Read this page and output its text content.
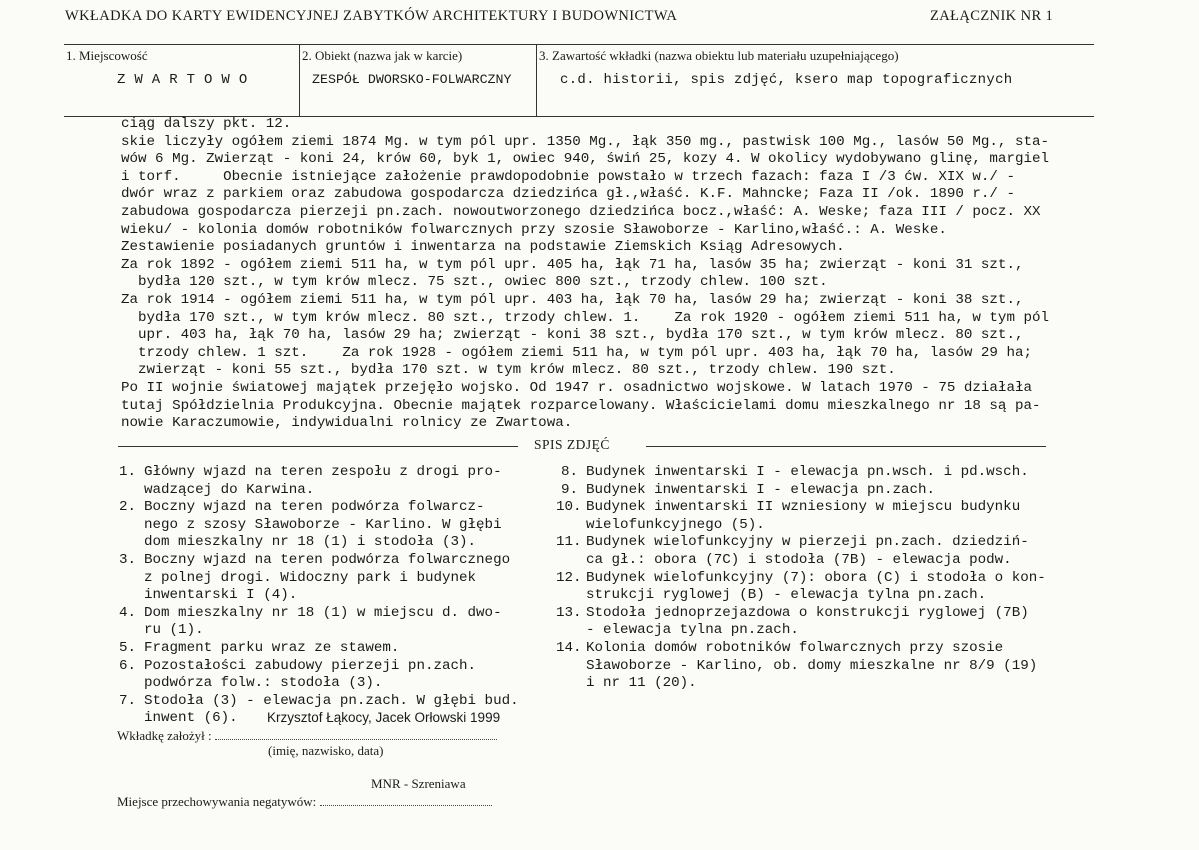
WKŁADKA DO KARTY EWIDENCYJNEJ ZABYTKÓW ARCHITEKTURY I BUDOWNICTWA	ZAŁĄCZNIK NR 1
1. Miejscowość
Z W A R T O W O
2. Obiekt (nazwa jak w karcie)
ZESPÓŁ DWORSKO-FOLWARCZNY
3. Zawartość wkładki (nazwa obiektu lub materiału uzupełniającego)
c.d. historii, spis zdjęć, ksero map topograficznych
ciąg dalszy pkt. 12.
skie liczyły ogółem ziemi 1874 Mg. w tym pól upr. 1350 Mg., łąk 350 mg., pastwisk 100 Mg., lasów 50 Mg., sta-
wów 6 Mg. Zwierząt - koni 24, krów 60, byk 1, owiec 940, świń 25, kozy 4. W okolicy wydobywano glinę, margiel
i torf.     Obecnie istniejące założenie prawdopodobnie powstało w trzech fazach: faza I /3 ćw. XIX w./ -
dwór wraz z parkiem oraz zabudowa gospodarcza dziedzińca gł.,właść. K.F. Mahncke; Faza II /ok. 1890 r./ -
zabudowa gospodarcza pierzeji pn.zach. nowoutworzonego dziedzińca bocz.,właść: A. Weske; faza III / pocz. XX
wieku/ - kolonia domów robotników folwarcznych przy szosie Sławoborze - Karlino,właść.: A. Weske.
Zestawienie posiadanych gruntów i inwentarza na podstawie Ziemskich Ksiąg Adresowych.
Za rok 1892 - ogółem ziemi 511 ha, w tym pól upr. 405 ha, łąk 71 ha, lasów 35 ha; zwierząt - koni 31 szt.,
bydła 120 szt., w tym krów mlecz. 75 szt., owiec 800 szt., trzody chlew. 100 szt.
Za rok 1914 - ogółem ziemi 511 ha, w tym pól upr. 403 ha, łąk 70 ha, lasów 29 ha; zwierząt - koni 38 szt.,
bydła 170 szt., w tym krów mlecz. 80 szt., trzody chlew. 1.    Za rok 1920 - ogółem ziemi 511 ha, w tym pól
upr. 403 ha, łąk 70 ha, lasów 29 ha; zwierząt - koni 38 szt., bydła 170 szt., w tym krów mlecz. 80 szt.,
trzody chlew. 1 szt.    Za rok 1928 - ogółem ziemi 511 ha, w tym pól upr. 403 ha, łąk 70 ha, lasów 29 ha;
zwierząt - koni 55 szt., bydła 170 szt. w tym krów mlecz. 80 szt., trzody chlew. 190 szt.
Po II wojnie światowej majątek przejęło wojsko. Od 1947 r. osadnictwo wojskowe. W latach 1970 - 75 działała
tutaj Spółdzielnia Produkcyjna. Obecnie majątek rozparcelowany. Właścicielami domu mieszkalnego nr 18 są pa-
nowie Karaczumowie, indywidualni rolnicy ze Zwartowa.
SPIS ZDJĘĆ
1. Główny wjazd na teren zespołu z drogi pro-
wadzącej do Karwina.
2. Boczny wjazd na teren podwórza folwarcz-
nego z szosy Sławoborze - Karlino. W głębi
dom mieszkalny nr 18 (1) i stodoła (3).
3. Boczny wjazd na teren podwórza folwarcznego
z polnej drogi. Widoczny park i budynek
inwentarski I (4).
4. Dom mieszkalny nr 18 (1) w miejscu d. dwo-
ru (1).
5. Fragment parku wraz ze stawem.
6. Pozostałości zabudowy pierzeji pn.zach.
podwórza folw.: stodoła (3).
7. Stodoła (3) - elewacja pn.zach. W głębi bud.
inwent (6).
8. Budynek inwentarski I - elewacja pn.wsch. i pd.wsch.
9. Budynek inwentarski I - elewacja pn.zach.
10. Budynek inwentarski II wzniesiony w miejscu budynku
wielofunkcyjnego (5).
11. Budynek wielofunkcyjny w pierzeji pn.zach. dziedziń-
ca gł.: obora (7C) i stodoła (7B) - elewacja podw.
12. Budynek wielofunkcyjny (7): obora (C) i stodoła o kon-
strukcji ryglowej (B) - elewacja tylna pn.zach.
13. Stodoła jednoprzejazdowa o konstrukcji ryglowej (7B)
- elewacja tylna pn.zach.
14. Kolonia domów robotników folwarcznych przy szosie
Sławoborze - Karlino, ob. domy mieszkalne nr 8/9 (19)
i nr 11 (20).
Krzysztof Łąkocy, Jacek Orłowski 1999
Wkładkę założył :
(imię, nazwisko, data)
MNR - Szreniawa
Miejsce przechowywania negatywów:
